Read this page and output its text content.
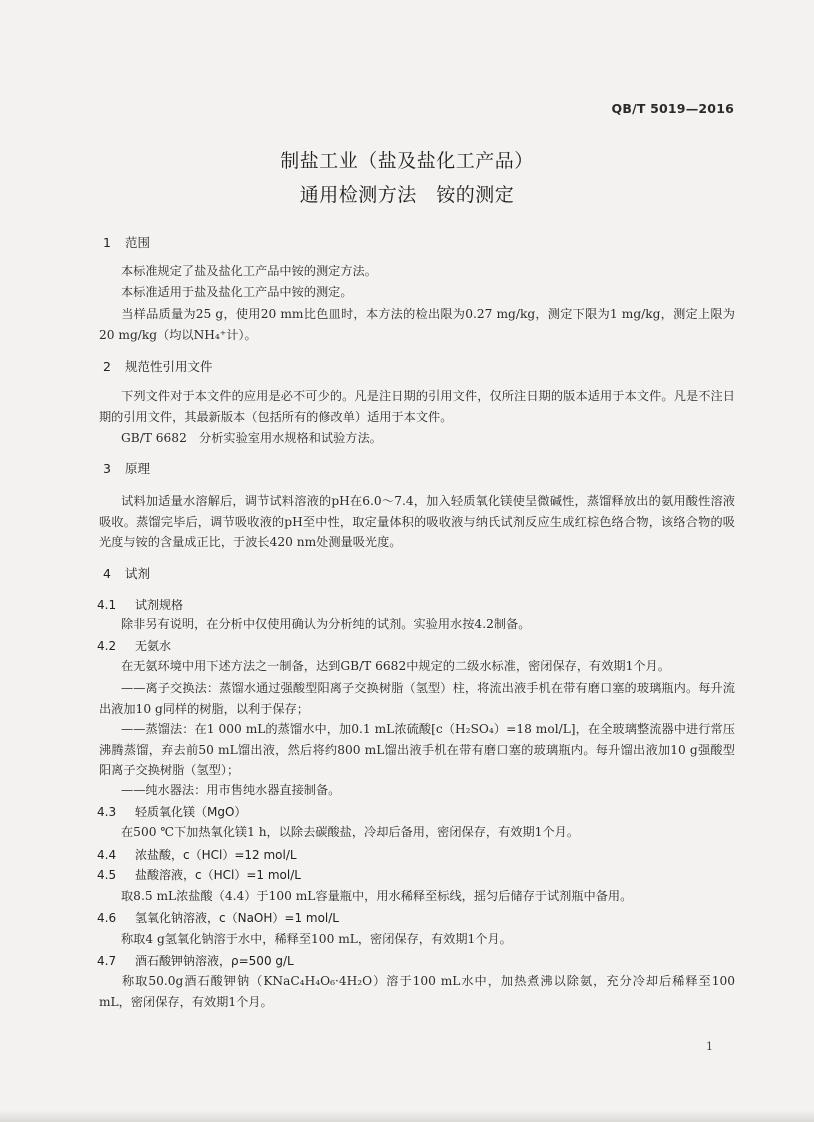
QB/T 5019—2016
制盐工业（盐及盐化工产品）
通用检测方法　铵的测定
1 范围
本标准规定了盐及盐化工产品中铵的测定方法。
本标准适用于盐及盐化工产品中铵的测定。
当样品质量为25 g，使用20 mm比色皿时，本方法的检出限为0.27 mg/kg，测定下限为1 mg/kg，测定上限为20 mg/kg（均以NH₄⁺计）。
2 规范性引用文件
下列文件对于本文件的应用是必不可少的。凡是注日期的引用文件，仅所注日期的版本适用于本文件。凡是不注日期的引用文件，其最新版本（包括所有的修改单）适用于本文件。
GB/T 6682　分析实验室用水规格和试验方法。
3 原理
试料加适量水溶解后，调节试料溶液的pH在6.0～7.4，加入轻质氧化镁使呈微碱性，蒸馏释放出的氨用酸性溶液吸收。蒸馏完毕后，调节吸收液的pH至中性，取定量体积的吸收液与纳氏试剂反应生成红棕色络合物，该络合物的吸光度与铵的含量成正比，于波长420 nm处测量吸光度。
4 试剂
4.1 试剂规格
除非另有说明，在分析中仅使用确认为分析纯的试剂。实验用水按4.2制备。
4.2 无氨水
在无氨环境中用下述方法之一制备，达到GB/T 6682中规定的二级水标准，密闭保存，有效期1个月。
——离子交换法：蒸馏水通过强酸型阳离子交换树脂（氢型）柱，将流出液手机在带有磨口塞的玻璃瓶内。每升流出液加10 g同样的树脂，以利于保存；
——蒸馏法：在1 000 mL的蒸馏水中，加0.1 mL浓硫酸[c（H₂SO₄）=18 mol/L]，在全玻璃整流器中进行常压沸腾蒸馏，弃去前50 mL馏出液，然后将约800 mL馏出液手机在带有磨口塞的玻璃瓶内。每升馏出液加10 g强酸型阳离子交换树脂（氢型）；
——纯水器法：用市售纯水器直接制备。
4.3 轻质氧化镁（MgO）
在500 ℃下加热氧化镁1 h，以除去碳酸盐，冷却后备用，密闭保存，有效期1个月。
4.4 浓盐酸，c（HCl）=12 mol/L
4.5 盐酸溶液，c（HCl）=1 mol/L
取8.5 mL浓盐酸（4.4）于100 mL容量瓶中，用水稀释至标线，摇匀后储存于试剂瓶中备用。
4.6 氢氧化钠溶液，c（NaOH）=1 mol/L
称取4 g氢氧化钠溶于水中，稀释至100 mL，密闭保存，有效期1个月。
4.7 酒石酸钾钠溶液，ρ=500 g/L
称取50.0g酒石酸钾钠（KNaC₄H₄O₆·4H₂O）溶于100 mL水中，加热煮沸以除氨，充分冷却后稀释至100 mL，密闭保存，有效期1个月。
1
